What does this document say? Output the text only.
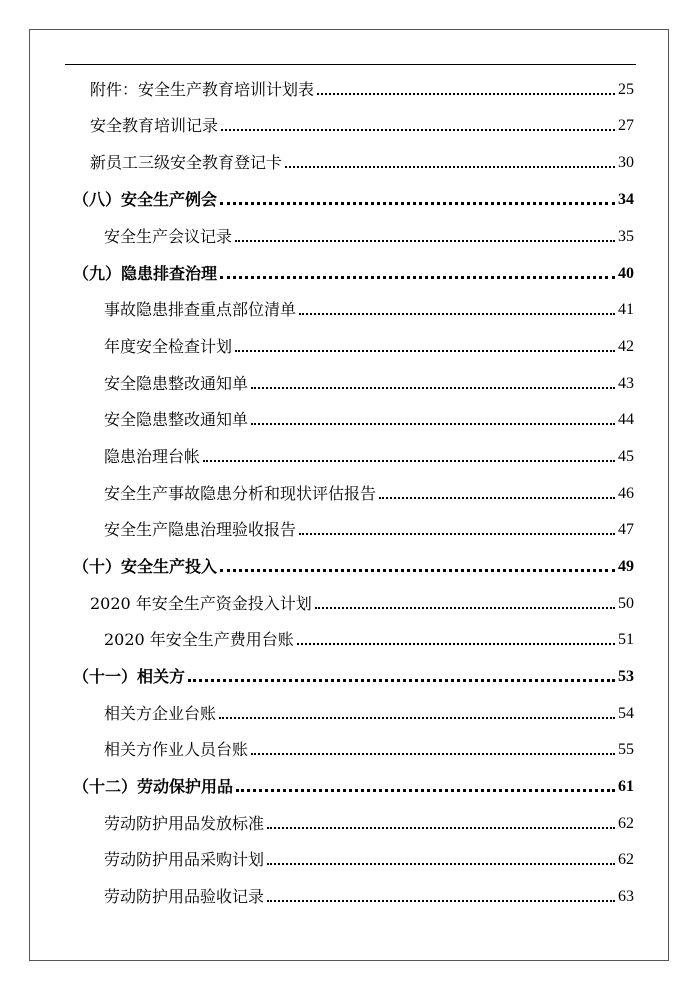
附件：安全生产教育培训计划表	25
安全教育培训记录	27
新员工三级安全教育登记卡	30
（八）安全生产例会	34
安全生产会议记录	35
（九）隐患排查治理	40
事故隐患排查重点部位清单	41
年度安全检查计划	42
安全隐患整改通知单	43
安全隐患整改通知单	44
隐患治理台帐	45
安全生产事故隐患分析和现状评估报告	46
安全生产隐患治理验收报告	47
（十）安全生产投入	49
2020 年安全生产资金投入计划	50
2020 年安全生产费用台账	51
（十一）相关方	53
相关方企业台账	54
相关方作业人员台账	55
（十二）劳动保护用品	61
劳动防护用品发放标准	62
劳动防护用品采购计划	62
劳动防护用品验收记录	63
